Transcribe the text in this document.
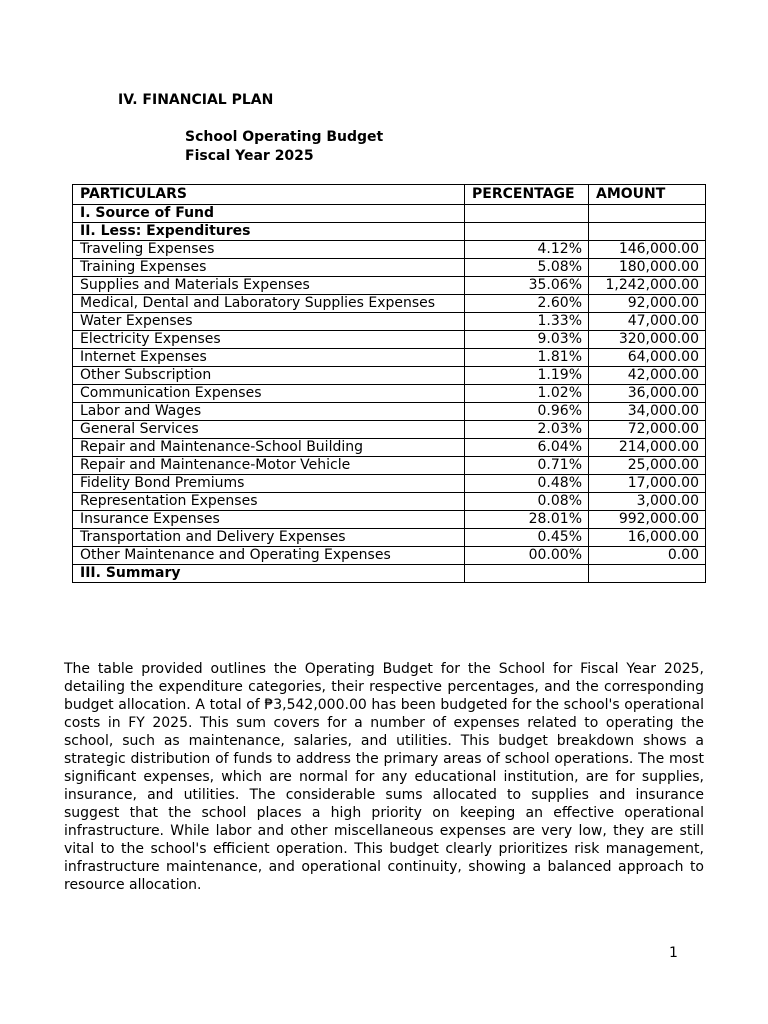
IV. FINANCIAL PLAN
School Operating Budget
Fiscal Year 2025
PARTICULARS	PERCENTAGE	AMOUNT
I. Source of Fund		
II. Less: Expenditures		
Traveling Expenses	4.12%	146,000.00
Training Expenses	5.08%	180,000.00
Supplies and Materials Expenses	35.06%	1,242,000.00
Medical, Dental and Laboratory Supplies Expenses	2.60%	92,000.00
Water Expenses	1.33%	47,000.00
Electricity Expenses	9.03%	320,000.00
Internet Expenses	1.81%	64,000.00
Other Subscription	1.19%	42,000.00
Communication Expenses	1.02%	36,000.00
Labor and Wages	0.96%	34,000.00
General Services	2.03%	72,000.00
Repair and Maintenance-School Building	6.04%	214,000.00
Repair and Maintenance-Motor Vehicle	0.71%	25,000.00
Fidelity Bond Premiums	0.48%	17,000.00
Representation Expenses	0.08%	3,000.00
Insurance Expenses	28.01%	992,000.00
Transportation and Delivery Expenses	0.45%	16,000.00
Other Maintenance and Operating Expenses	00.00%	0.00
III. Summary		

The table provided outlines the Operating Budget for the School for Fiscal Year 2025, detailing the expenditure categories, their respective percentages, and the corresponding budget allocation. A total of ₱3,542,000.00 has been budgeted for the school's operational costs in FY 2025. This sum covers for a number of expenses related to operating the school, such as maintenance, salaries, and utilities. This budget breakdown shows a strategic distribution of funds to address the primary areas of school operations. The most significant expenses, which are normal for any educational institution, are for supplies, insurance, and utilities. The considerable sums allocated to supplies and insurance suggest that the school places a high priority on keeping an effective operational infrastructure. While labor and other miscellaneous expenses are very low, they are still vital to the school's efficient operation. This budget clearly prioritizes risk management, infrastructure maintenance, and operational continuity, showing a balanced approach to resource allocation.

1
